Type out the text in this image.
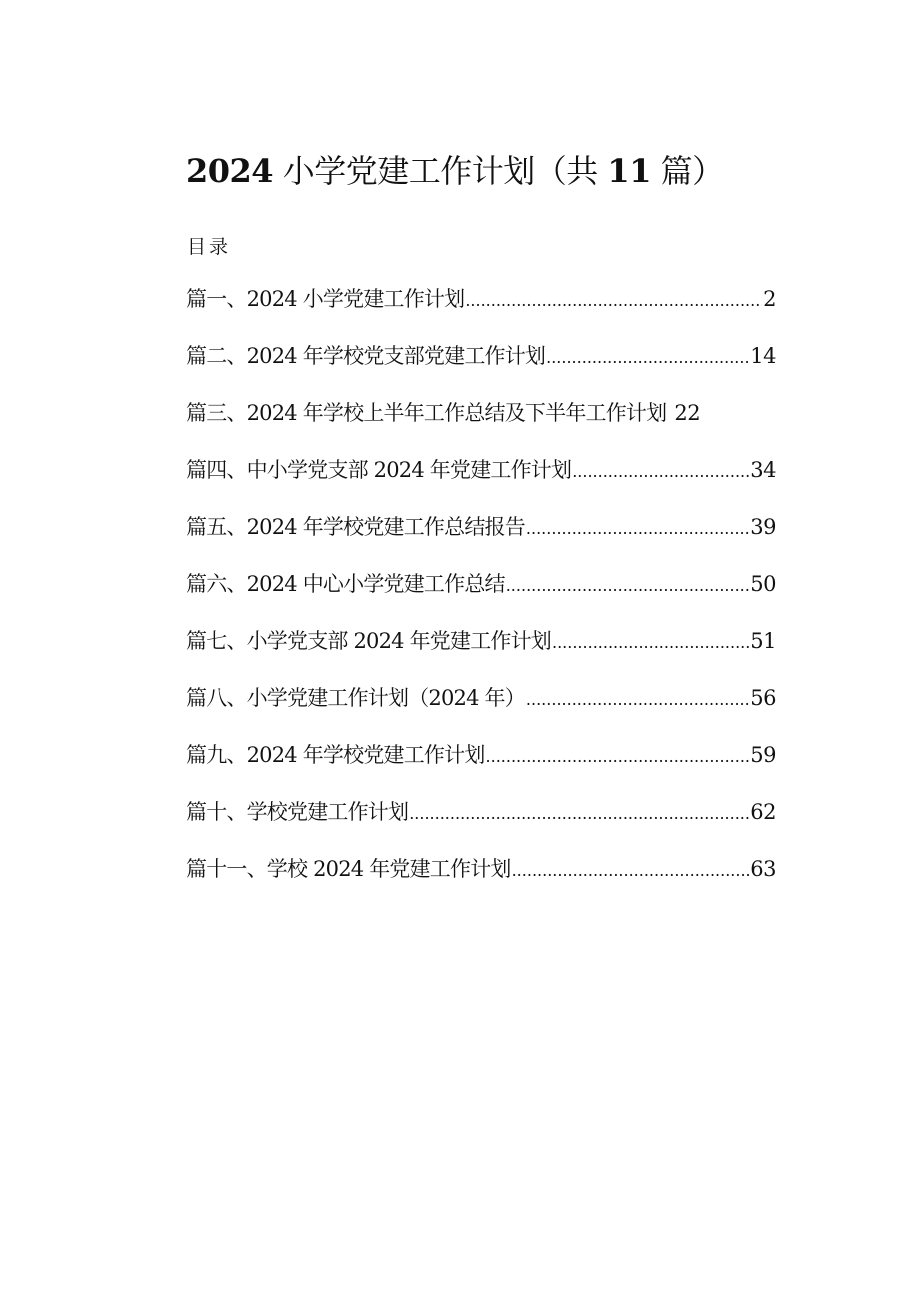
2024 小学党建工作计划（共 11 篇）
目录
篇一、2024 小学党建工作计划 .....	2
篇二、2024 年学校党支部党建工作计划 .....	14
篇三、2024 年学校上半年工作总结及下半年工作计划 22
篇四、中小学党支部 2024 年党建工作计划 .....	34
篇五、2024 年学校党建工作总结报告 .....	39
篇六、2024 中心小学党建工作总结 .....	50
篇七、小学党支部 2024 年党建工作计划 .....	51
篇八、小学党建工作计划（2024 年） .....	56
篇九、2024 年学校党建工作计划 .....	59
篇十、学校党建工作计划 .....	62
篇十一、学校 2024 年党建工作计划 .....	63
